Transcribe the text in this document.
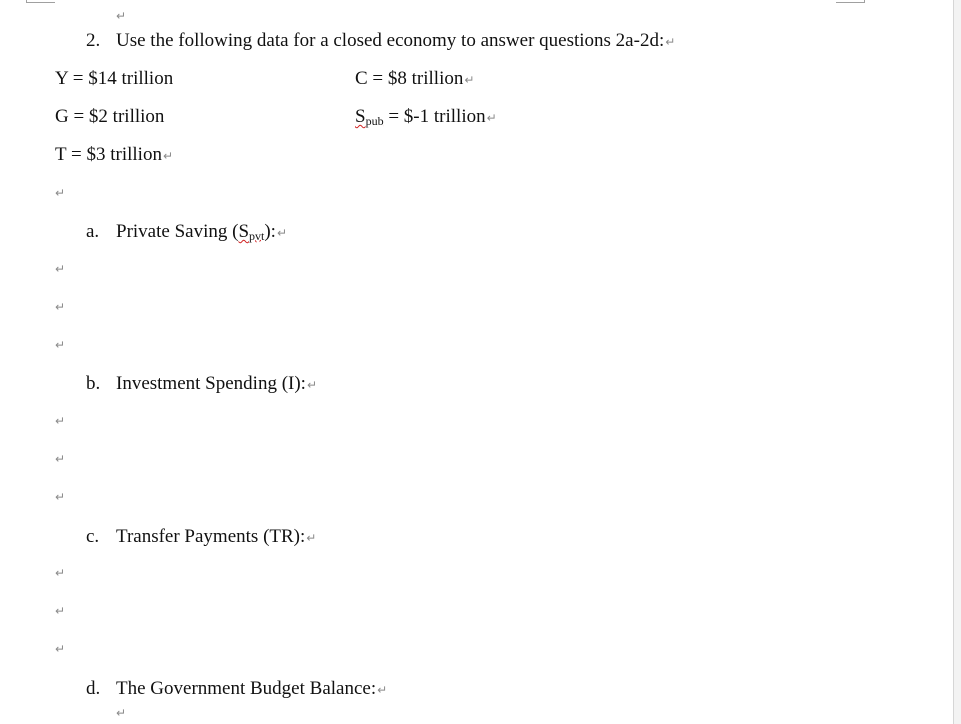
↵
2. Use the following data for a closed economy to answer questions 2a-2d:↵
Y = $14 trillion	C = $8 trillion↵
G = $2 trillion	Spub = $-1 trillion↵
T = $3 trillion↵
↵
a. Private Saving (Spvt):↵
↵
↵
↵
b. Investment Spending (I):↵
↵
↵
↵
c. Transfer Payments (TR):↵
↵
↵
↵
d. The Government Budget Balance:↵
↵
